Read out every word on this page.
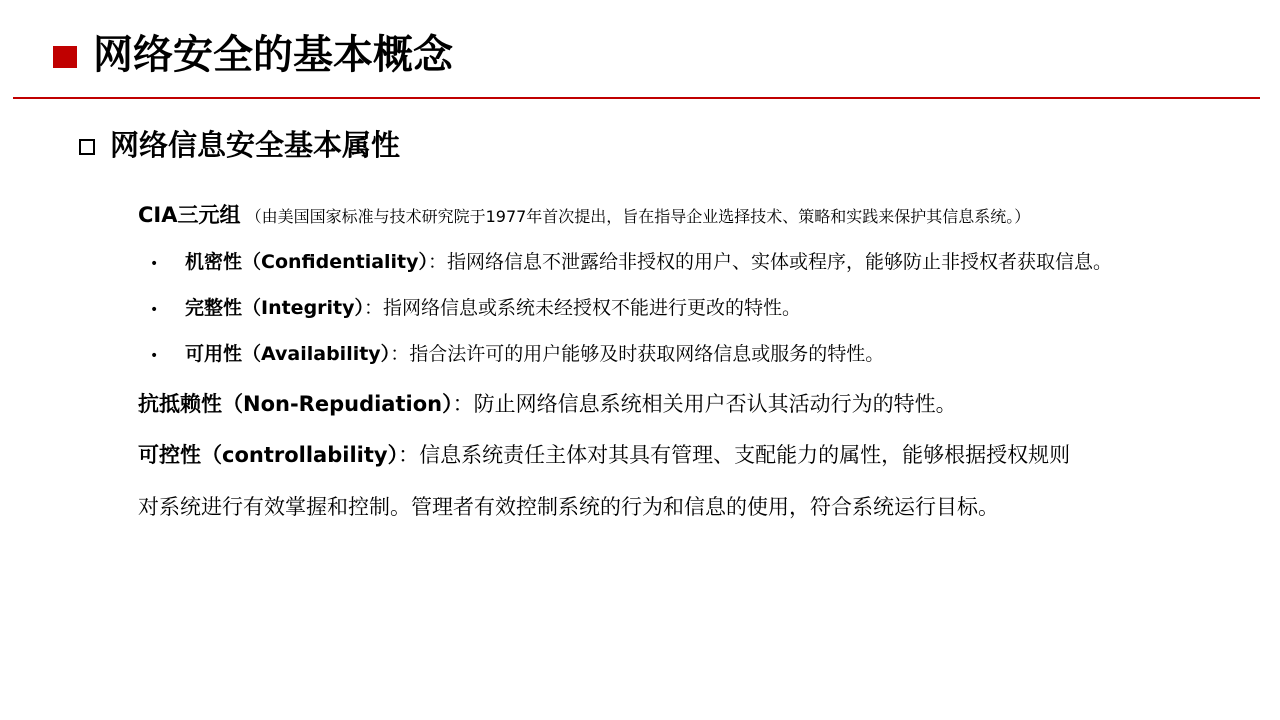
网络安全的基本概念
网络信息安全基本属性
CIA三元组 （由美国国家标准与技术研究院于1977年首次提出，旨在指导企业选择技术、策略和实践来保护其信息系统。）
• 机密性（Confidentiality）：指网络信息不泄露给非授权的用户、实体或程序，能够防止非授权者获取信息。
• 完整性（Integrity）：指网络信息或系统未经授权不能进行更改的特性。
• 可用性（Availability）：指合法许可的用户能够及时获取网络信息或服务的特性。
抗抵赖性（Non-Repudiation）：防止网络信息系统相关用户否认其活动行为的特性。
可控性（controllability）：信息系统责任主体对其具有管理、支配能力的属性，能够根据授权规则
对系统进行有效掌握和控制。管理者有效控制系统的行为和信息的使用，符合系统运行目标。
